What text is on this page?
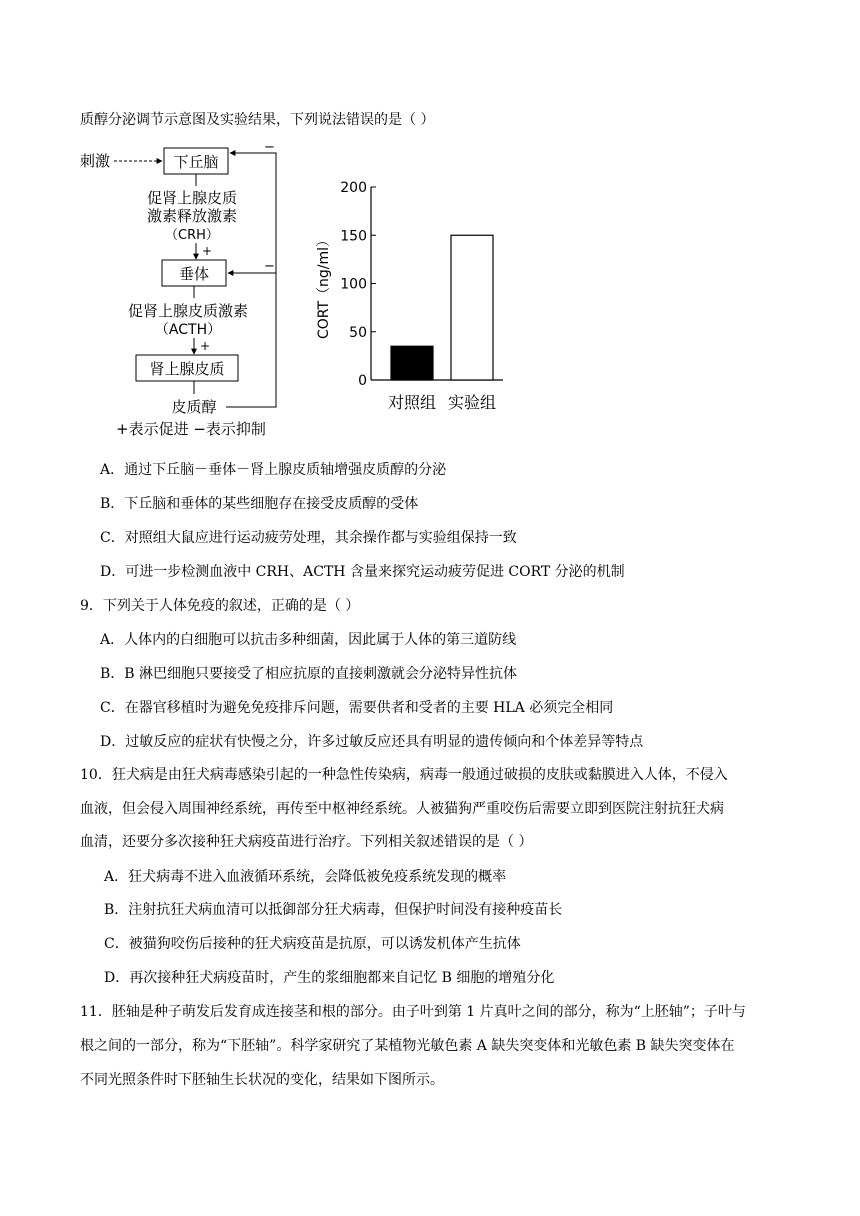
质醇分泌调节示意图及实验结果，下列说法错误的是（ ）
刺激	下丘脑
促肾上腺皮质
激素释放激素
（CRH）
+
垂体
促肾上腺皮质激素
（ACTH）
+
肾上腺皮质
皮质醇
−
−
+表示促进 −表示抑制
CORT（ng/ml）
0
50
100
150
200
对照组 实验组
A．通过下丘脑－垂体－肾上腺皮质轴增强皮质醇的分泌
B．下丘脑和垂体的某些细胞存在接受皮质醇的受体
C．对照组大鼠应进行运动疲劳处理，其余操作都与实验组保持一致
D．可进一步检测血液中 CRH、ACTH 含量来探究运动疲劳促进 CORT 分泌的机制
9．下列关于人体免疫的叙述，正确的是（ ）
A．人体内的白细胞可以抗击多种细菌，因此属于人体的第三道防线
B．B 淋巴细胞只要接受了相应抗原的直接刺激就会分泌特异性抗体
C．在器官移植时为避免免疫排斥问题，需要供者和受者的主要 HLA 必须完全相同
D．过敏反应的症状有快慢之分，许多过敏反应还具有明显的遗传倾向和个体差异等特点
10．狂犬病是由狂犬病毒感染引起的一种急性传染病，病毒一般通过破损的皮肤或黏膜进入人体，不侵入
血液，但会侵入周围神经系统，再传至中枢神经系统。人被猫狗严重咬伤后需要立即到医院注射抗狂犬病
血清，还要分多次接种狂犬病疫苗进行治疗。下列相关叙述错误的是（ ）
A．狂犬病毒不进入血液循环系统，会降低被免疫系统发现的概率
B．注射抗狂犬病血清可以抵御部分狂犬病毒，但保护时间没有接种疫苗长
C．被猫狗咬伤后接种的狂犬病疫苗是抗原，可以诱发机体产生抗体
D．再次接种狂犬病疫苗时，产生的浆细胞都来自记忆 B 细胞的增殖分化
11．胚轴是种子萌发后发育成连接茎和根的部分。由子叶到第 1 片真叶之间的部分，称为“上胚轴”；子叶与
根之间的一部分，称为“下胚轴”。科学家研究了某植物光敏色素 A 缺失突变体和光敏色素 B 缺失突变体在
不同光照条件时下胚轴生长状况的变化，结果如下图所示。
